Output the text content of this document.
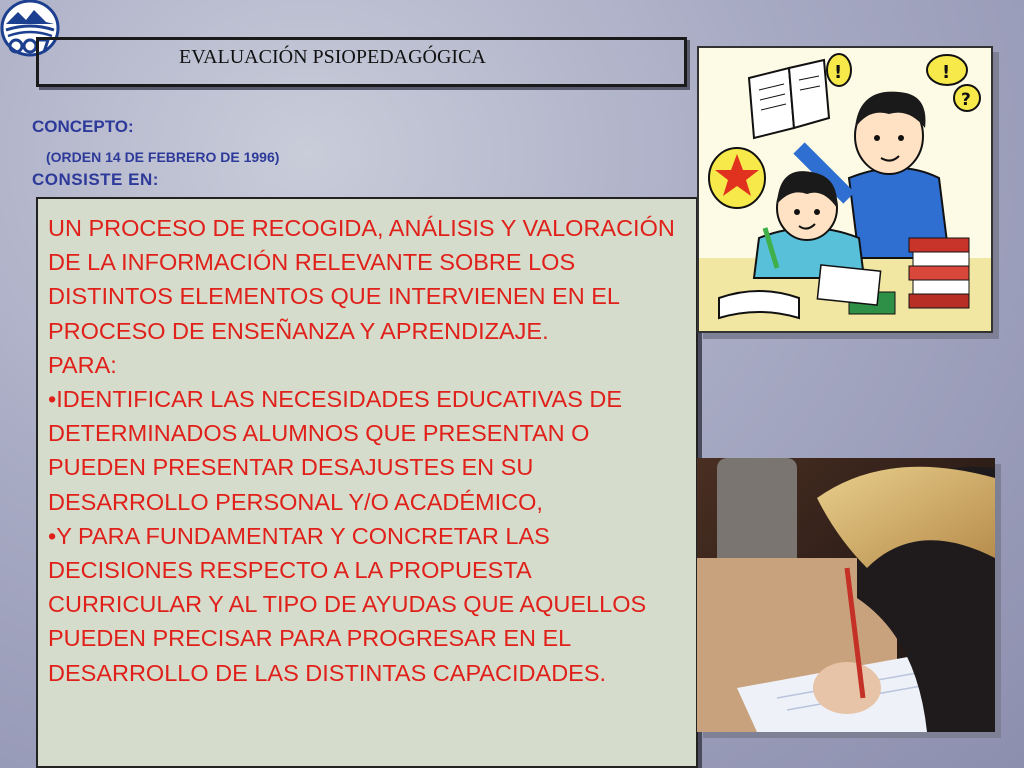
EVALUACIÓN PSIOPEDAGÓGICA
CONCEPTO:
(ORDEN 14 DE FEBRERO DE 1996)
CONSISTE EN:

UN PROCESO DE RECOGIDA, ANÁLISIS Y VALORACIÓN DE LA INFORMACIÓN RELEVANTE SOBRE LOS DISTINTOS ELEMENTOS QUE INTERVIENEN EN EL PROCESO DE ENSEÑANZA Y APRENDIZAJE.

PARA:

•IDENTIFICAR LAS NECESIDADES EDUCATIVAS DE DETERMINADOS ALUMNOS QUE PRESENTAN O PUEDEN PRESENTAR DESAJUSTES EN SU DESARROLLO PERSONAL Y/O ACADÉMICO,

•Y PARA FUNDAMENTAR Y CONCRETAR LAS DECISIONES RESPECTO A LA PROPUESTA CURRICULAR Y AL TIPO DE AYUDAS QUE AQUELLOS PUEDEN PRECISAR PARA PROGRESAR EN EL DESARROLLO DE LAS DISTINTAS CAPACIDADES.

!	!
?
